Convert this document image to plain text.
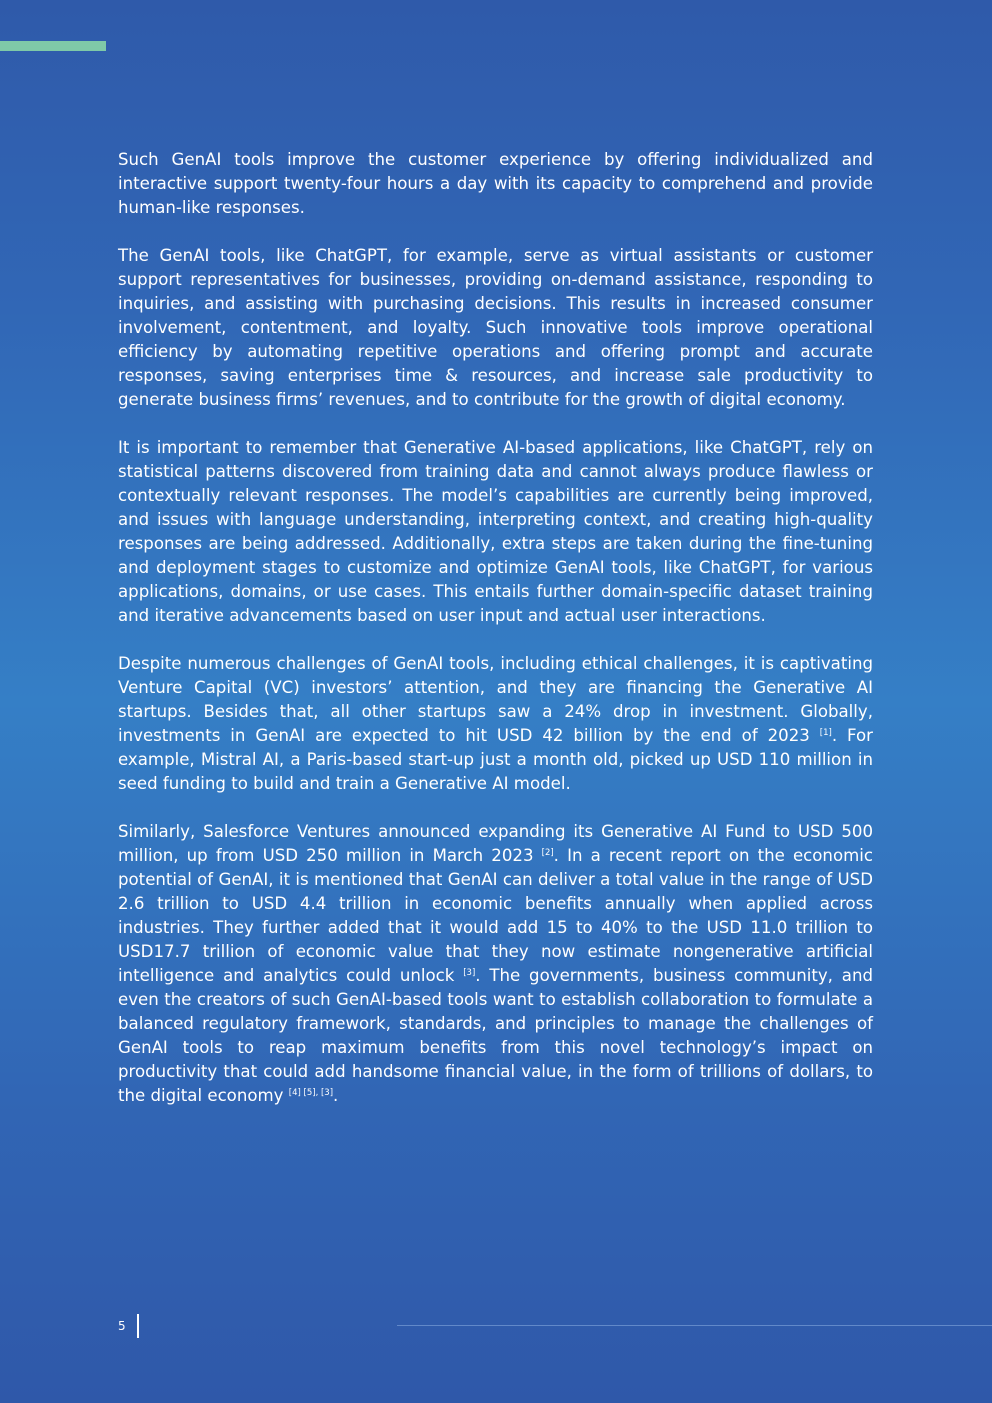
Such GenAI tools improve the customer experience by offering individualized and interactive support twenty-four hours a day with its capacity to comprehend and provide human-like responses.

The GenAI tools, like ChatGPT, for example, serve as virtual assistants or customer support representatives for businesses, providing on-demand assistance, responding to inquiries, and assisting with purchasing decisions. This results in increased consumer involvement, contentment, and loyalty. Such innovative tools improve operational efficiency by automating repetitive operations and offering prompt and accurate responses, saving enterprises time & resources, and increase sale productivity to generate business firms’ revenues, and to contribute for the growth of digital economy.

It is important to remember that Generative AI-based applications, like ChatGPT, rely on statistical patterns discovered from training data and cannot always produce flawless or contextually relevant responses. The model’s capabilities are currently being improved, and issues with language understanding, interpreting context, and creating high-quality responses are being addressed. Additionally, extra steps are taken during the fine-tuning and deployment stages to customize and optimize GenAI tools, like ChatGPT, for various applications, domains, or use cases. This entails further domain-specific dataset training and iterative advancements based on user input and actual user interactions.

Despite numerous challenges of GenAI tools, including ethical challenges, it is captivating Venture Capital (VC) investors’ attention, and they are financing the Generative AI startups. Besides that, all other startups saw a 24% drop in investment. Globally, investments in GenAI are expected to hit USD 42 billion by the end of 2023 [1]. For example, Mistral AI, a Paris-based start-up just a month old, picked up USD 110 million in seed funding to build and train a Generative AI model.

Similarly, Salesforce Ventures announced expanding its Generative AI Fund to USD 500 million, up from USD 250 million in March 2023 [2]. In a recent report on the economic potential of GenAI, it is mentioned that GenAI can deliver a total value in the range of USD 2.6 trillion to USD 4.4 trillion in economic benefits annually when applied across industries. They further added that it would add 15 to 40% to the USD 11.0 trillion to USD17.7 trillion of economic value that they now estimate nongenerative artificial intelligence and analytics could unlock [3]. The governments, business community, and even the creators of such GenAI-based tools want to establish collaboration to formulate a balanced regulatory framework, standards, and principles to manage the challenges of GenAI tools to reap maximum benefits from this novel technology’s impact on productivity that could add handsome financial value, in the form of trillions of dollars, to the digital economy [4] [5], [3].

5
